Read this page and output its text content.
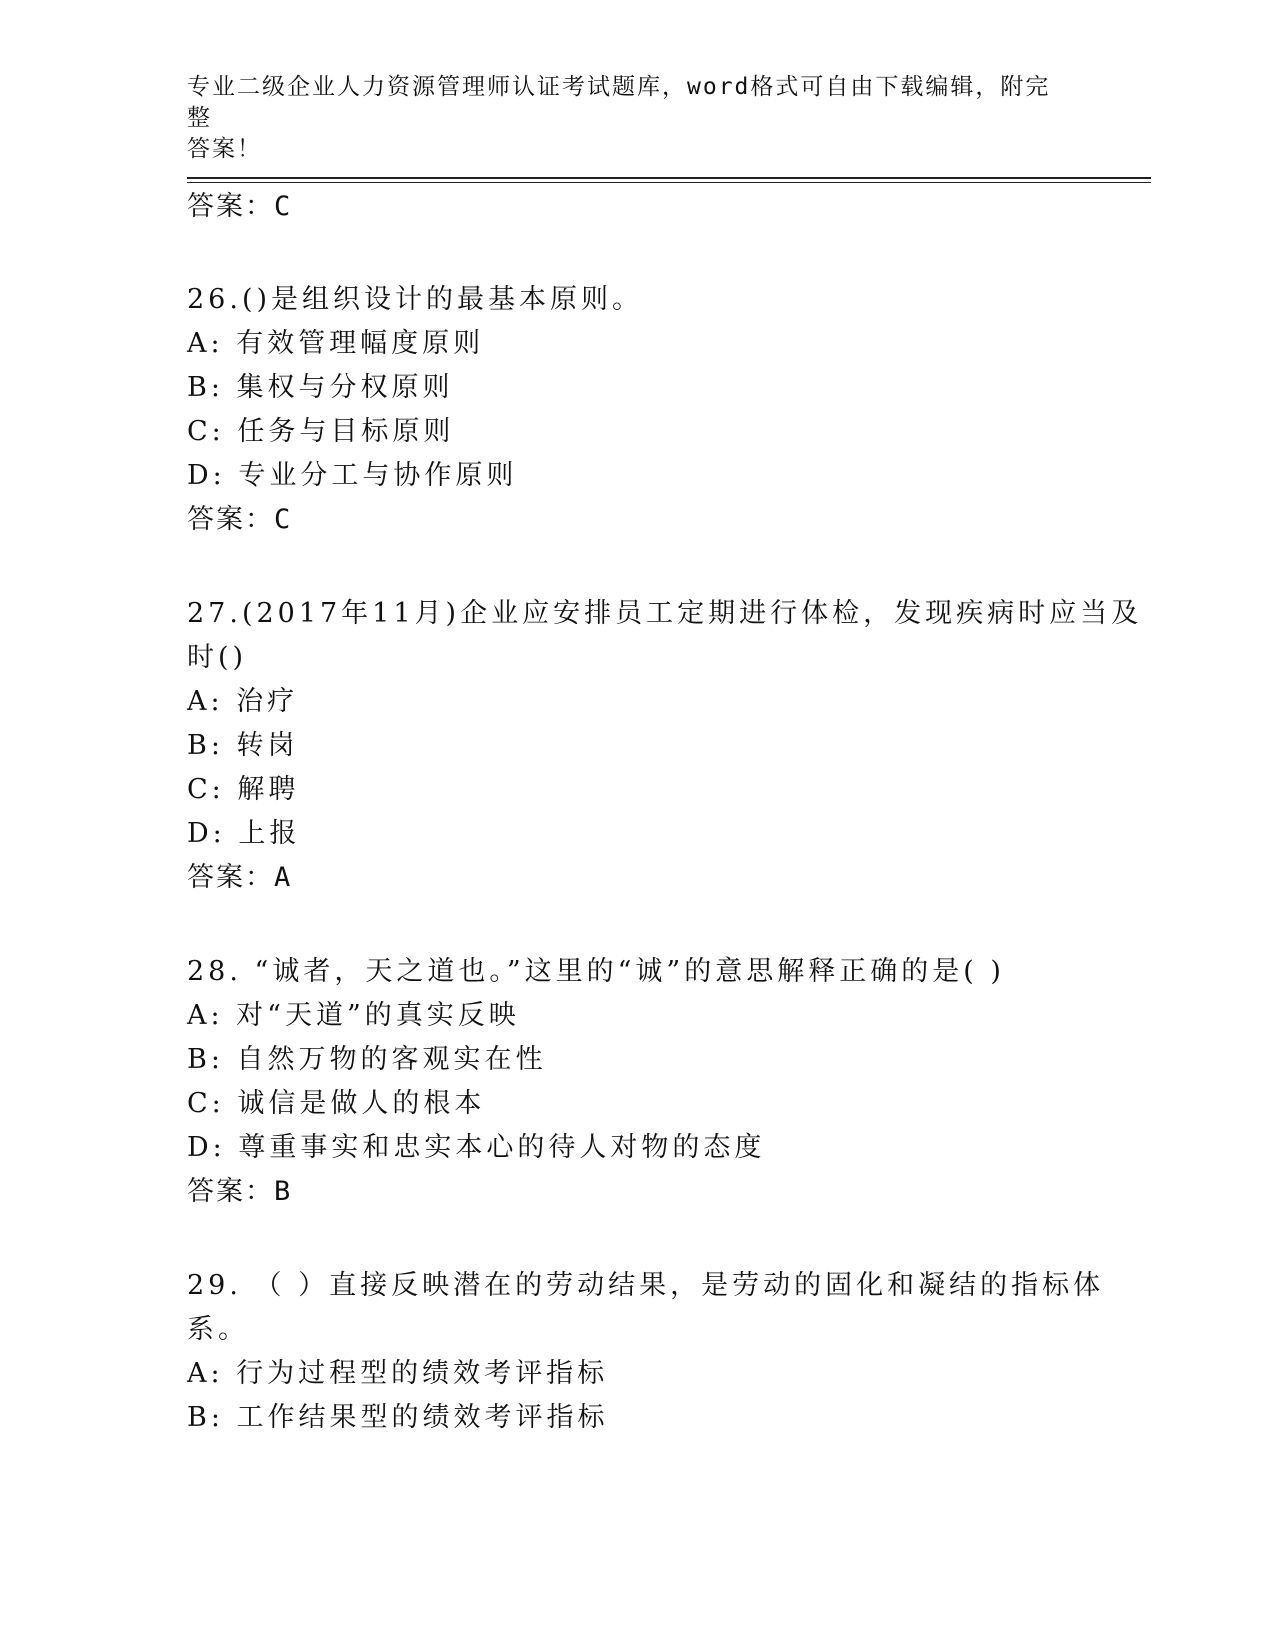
专业二级企业人力资源管理师认证考试题库，word格式可自由下载编辑，附完整
答案！
答案：C
26.()是组织设计的最基本原则。
A: 有效管理幅度原则
B: 集权与分权原则
C: 任务与目标原则
D: 专业分工与协作原则
答案：C
27.(2017年11月)企业应安排员工定期进行体检，发现疾病时应当及
时()
A: 治疗
B: 转岗
C: 解聘
D: 上报
答案：A
28. “诚者，天之道也。”这里的“诚”的意思解释正确的是( )
A: 对“天道”的真实反映
B: 自然万物的客观实在性
C: 诚信是做人的根本
D: 尊重事实和忠实本心的待人对物的态度
答案：B
29. （ ）直接反映潜在的劳动结果，是劳动的固化和凝结的指标体
系。
A: 行为过程型的绩效考评指标
B: 工作结果型的绩效考评指标
